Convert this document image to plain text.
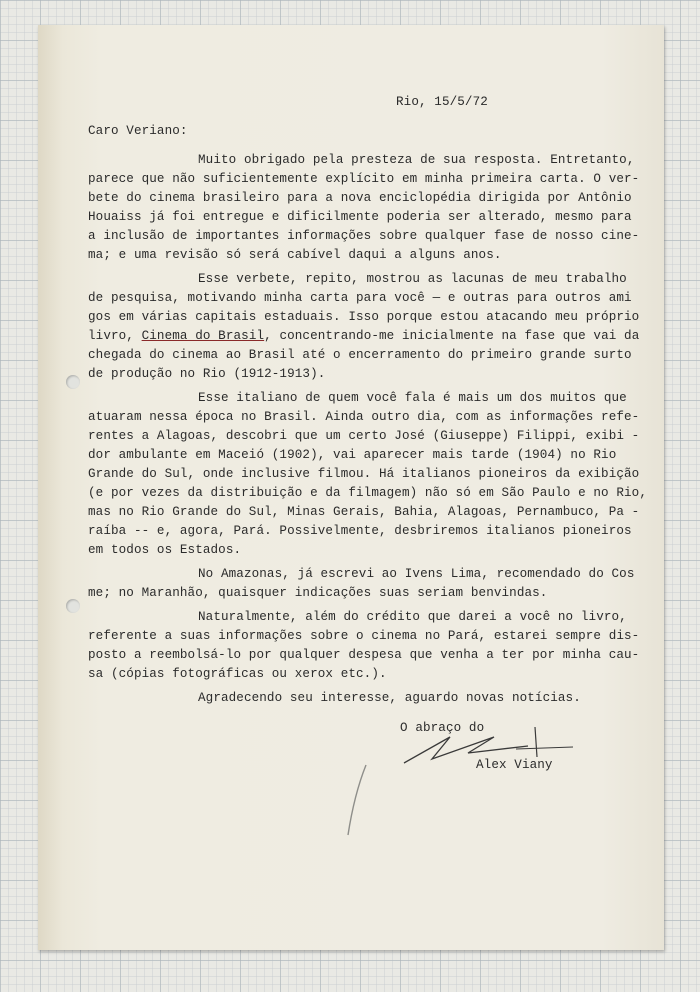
Rio, 15/5/72
Caro Veriano:
Muito obrigado pela presteza de sua resposta. Entretanto,
parece que não suficientemente explícito em minha primeira carta. O ver-
bete do cinema brasileiro para a nova enciclopédia dirigida por Antônio
Houaiss já foi entregue e dificilmente poderia ser alterado, mesmo para
a inclusão de importantes informações sobre qualquer fase de nosso cine-
ma; e uma revisão só será cabível daqui a alguns anos.
Esse verbete, repito, mostrou as lacunas de meu trabalho
de pesquisa, motivando minha carta para você — e outras para outros ami
gos em várias capitais estaduais. Isso porque estou atacando meu próprio
livro, Cinema do Brasil, concentrando-me inicialmente na fase que vai da
chegada do cinema ao Brasil até o encerramento do primeiro grande surto
de produção no Rio (1912-1913).
Esse italiano de quem você fala é mais um dos muitos que
atuaram nessa época no Brasil. Ainda outro dia, com as informações refe-
rentes a Alagoas, descobri que um certo José (Giuseppe) Filippi, exibi -
dor ambulante em Maceió (1902), vai aparecer mais tarde (1904) no Rio
Grande do Sul, onde inclusive filmou. Há italianos pioneiros da exibição
(e por vezes da distribuição e da filmagem) não só em São Paulo e no Rio,
mas no Rio Grande do Sul, Minas Gerais, Bahia, Alagoas, Pernambuco, Pa -
raíba -- e, agora, Pará. Possivelmente, desbriremos italianos pioneiros
em todos os Estados.
No Amazonas, já escrevi ao Ivens Lima, recomendado do Cos
me; no Maranhão, quaisquer indicações suas seriam benvindas.
Naturalmente, além do crédito que darei a você no livro,
referente a suas informações sobre o cinema no Pará, estarei sempre dis-
posto a reembolsá-lo por qualquer despesa que venha a ter por minha cau-
sa (cópias fotográficas ou xerox etc.).
Agradecendo seu interesse, aguardo novas notícias.
O abraço do
Alex Viany
